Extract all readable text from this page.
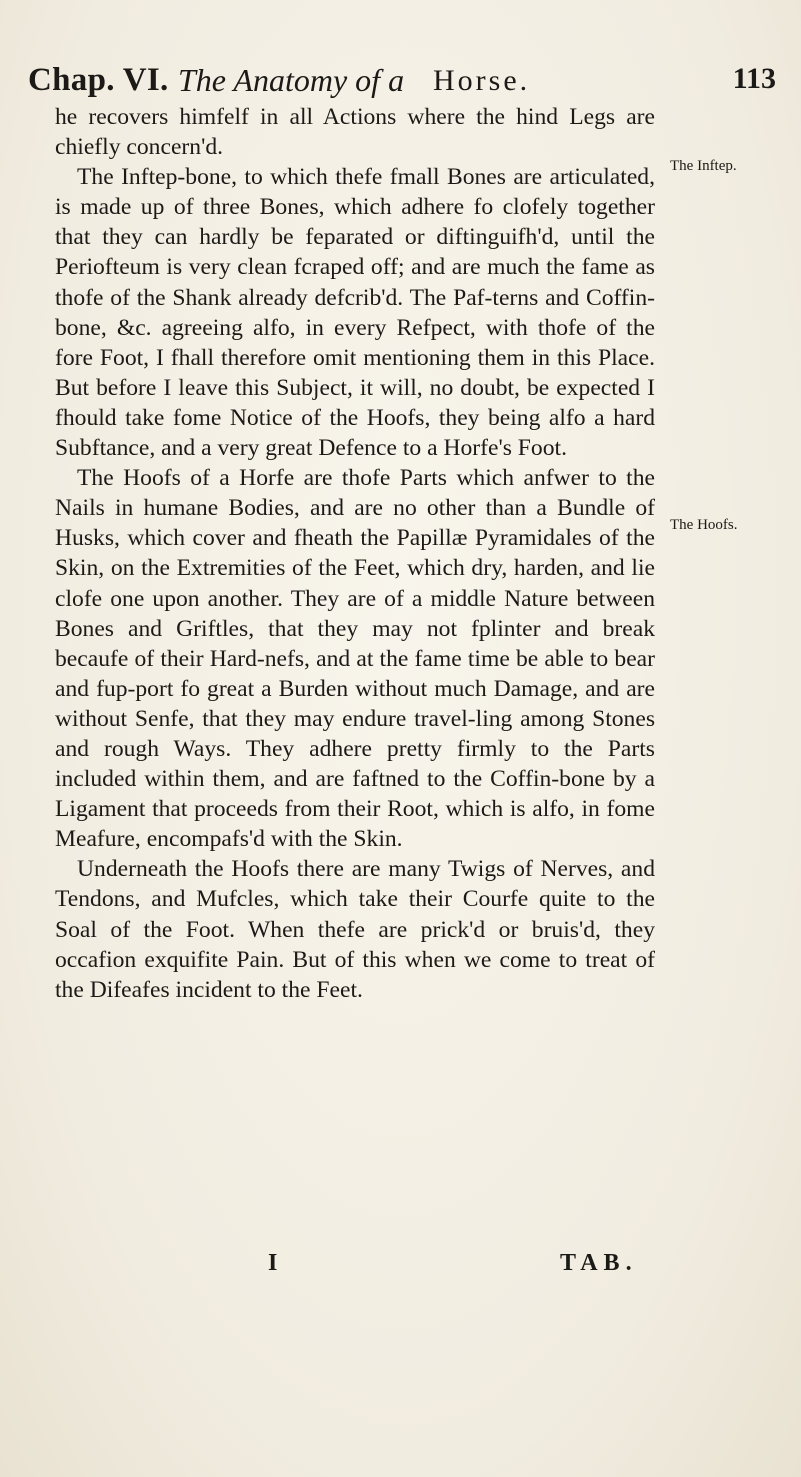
Chap. VI. The Anatomy of a Horse.	113

he recovers himfelf in all Actions where the hind Legs are chiefly concern'd.

The Inftep-bone, to which thefe fmall Bones are articulated, is made up of three Bones, which adhere fo clofely together that they can hardly be feparated or diftinguifh'd, until the Periofteum is very clean fcraped off; and are much the fame as thofe of the Shank already defcrib'd. The Paf-terns and Coffin-bone, &c. agreeing alfo, in every Refpect, with thofe of the fore Foot, I fhall therefore omit mentioning them in this Place. But before I leave this Subject, it will, no doubt, be expected I fhould take fome Notice of the Hoofs, they being alfo a hard Subftance, and a very great Defence to a Horfe's Foot.

The Hoofs of a Horfe are thofe Parts which anfwer to the Nails in humane Bodies, and are no other than a Bundle of Husks, which cover and fheath the Papillæ Pyramidales of the Skin, on the Extremities of the Feet, which dry, harden, and lie clofe one upon another. They are of a middle Nature between Bones and Griftles, that they may not fplinter and break becaufe of their Hard-nefs, and at the fame time be able to bear and fup-port fo great a Burden without much Damage, and are without Senfe, that they may endure travel-ling among Stones and rough Ways. They adhere pretty firmly to the Parts included within them, and are faftned to the Coffin-bone by a Ligament that proceeds from their Root, which is alfo, in fome Meafure, encompafs'd with the Skin.

Underneath the Hoofs there are many Twigs of Nerves, and Tendons, and Mufcles, which take their Courfe quite to the Soal of the Foot. When thefe are prick'd or bruis'd, they occafion exquifite Pain. But of this when we come to treat of the Difeafes incident to the Feet.

The Inftep.
The Hoofs.
I	TAB.
